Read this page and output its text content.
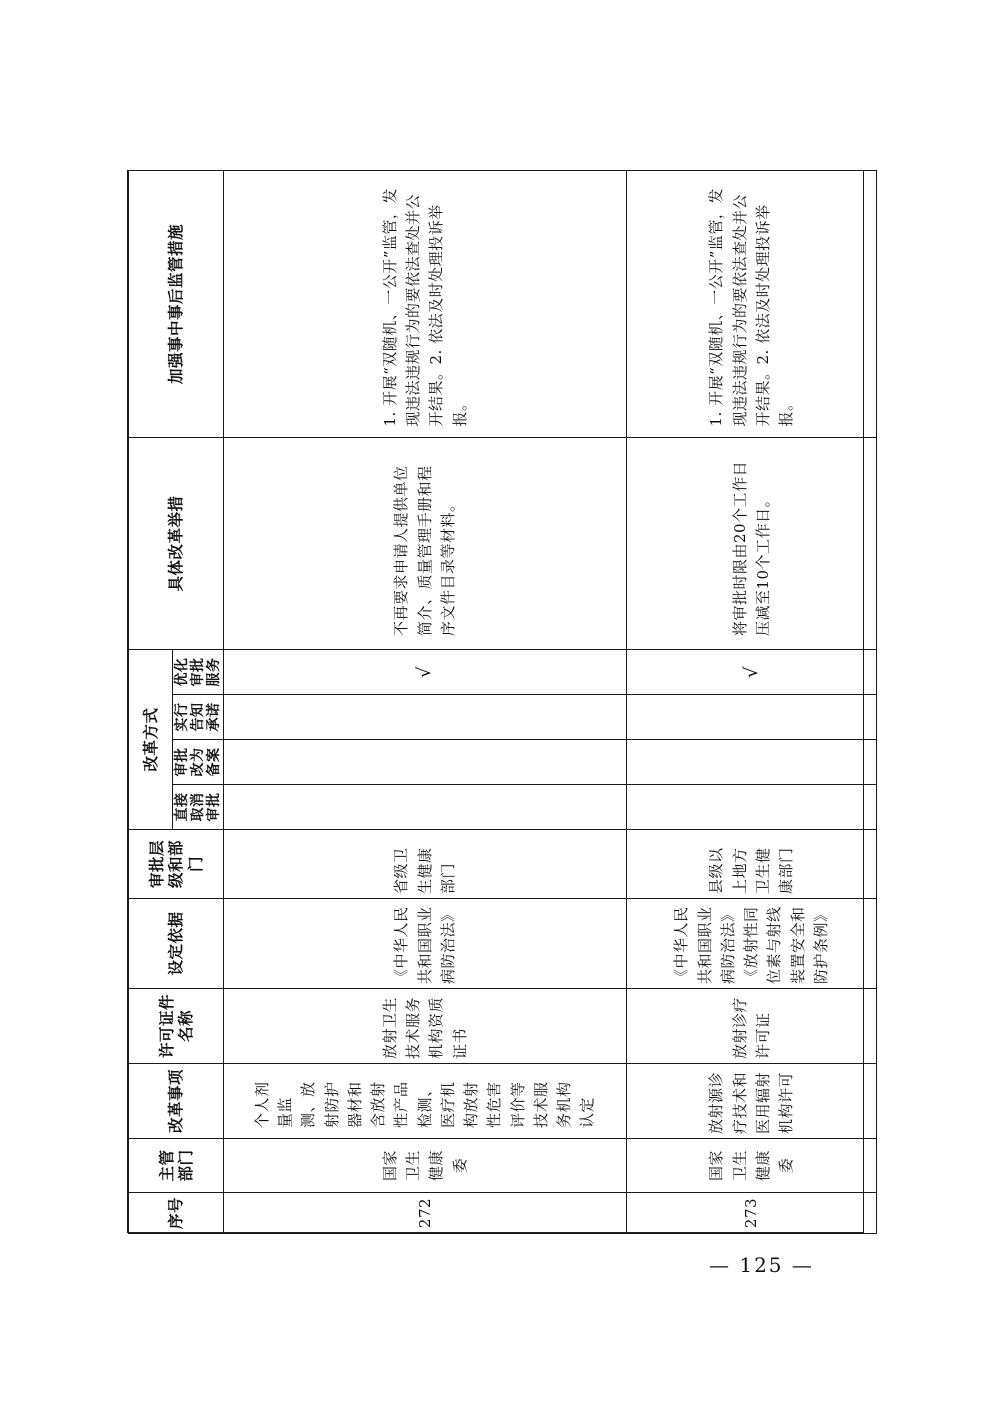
序号	主管部门	改革事项	许可证件名称	设定依据	审批层级和部门	改革方式				具体改革举措	加强事中事后监管措施
						直接取消审批	审批改为备案	实行告知承诺	优化审批服务		
272	国家卫生健康委	个人剂量监测、放射防护器材和含放射性产品检测、医疗机构放射性危害评价等技术服务机构认定	放射卫生技术服务机构资质证书	《中华人民共和国职业病防治法》	省级卫生健康部门				√	不再要求申请人提供单位简介、质量管理手册和程序文件目录等材料。	1. 开展“双随机、一公开”监管，发现违法违规行为的要依法查处并公开结果。2. 依法及时处理投诉举报。
273	国家卫生健康委	放射源诊疗技术和医用辐射机构许可	放射诊疗许可证	《中华人民共和国职业病防治法》《放射性同位素与射线装置安全和防护条例》	县级以上地方卫生健康部门				√	将审批时限由20个工作日压减至10个工作日。	1. 开展“双随机、一公开”监管，发现违法违规行为的要依法查处并公开结果。2. 依法及时处理投诉举报。
— 125 —
